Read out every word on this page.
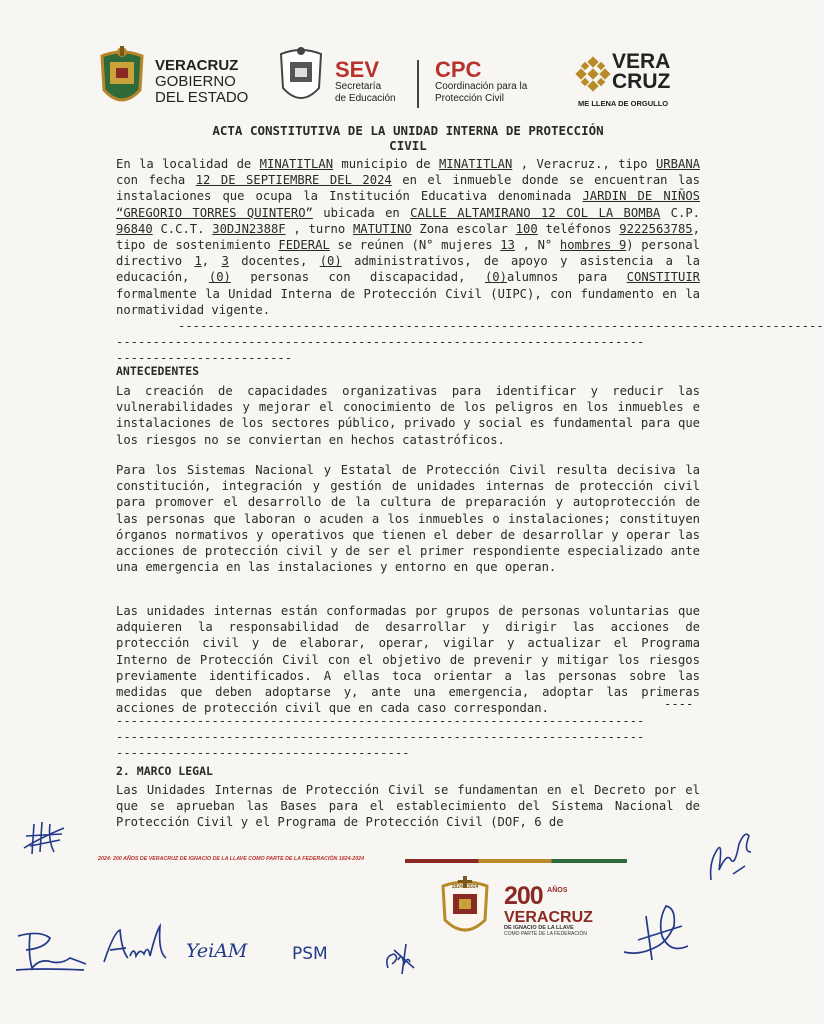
VERACRUZ
GOBIERNO
DEL ESTADO
SEV
Secretaría
de Educación
CPC
Coordinación para la
Protección Civil
VERA
CRUZ
ME LLENA DE ORGULLO
ACTA CONSTITUTIVA DE LA UNIDAD INTERNA DE PROTECCIÓN
CIVIL

En la localidad de MINATITLAN municipio de MINATITLAN , Veracruz., tipo URBANA con fecha 12 DE SEPTIEMBRE DEL 2024 en el inmueble donde se encuentran las instalaciones que ocupa la Institución Educativa denominada JARDIN DE NIÑOS “GREGORIO TORRES QUINTERO” ubicada en CALLE ALTAMIRANO 12 COL LA BOMBA C.P. 96840 C.C.T. 30DJN2388F , turno MATUTINO Zona escolar 100 teléfonos 9222563785, tipo de sostenimiento FEDERAL se reúnen (N° mujeres 13 , N° hombres 9) personal directivo 1, 3 docentes, (0) administrativos, de apoyo y asistencia a la educación, (0) personas con discapacidad, (0)alumnos para CONSTITUIR formalmente la Unidad Interna de Protección Civil (UIPC), con fundamento en la normatividad vigente.

----------------------------------------------------------------------------------------
------------------------------------------------------------------------
------------------------
ANTECEDENTES

La creación de capacidades organizativas para identificar y reducir las vulnerabilidades y mejorar el conocimiento de los peligros en los inmuebles e instalaciones de los sectores público, privado y social es fundamental para que los riesgos no se conviertan en hechos catastróficos.

Para los Sistemas Nacional y Estatal de Protección Civil resulta decisiva la constitución, integración y gestión de unidades internas de protección civil para promover el desarrollo de la cultura de preparación y autoprotección de las personas que laboran o acuden a los inmuebles o instalaciones; constituyen órganos normativos y operativos que tienen el deber de desarrollar y operar las acciones de protección civil y de ser el primer respondiente especializado ante una emergencia en las instalaciones y entorno en que operan.

Las unidades internas están conformadas por grupos de personas voluntarias que adquieren la responsabilidad de desarrollar y dirigir las acciones de protección civil y de elaborar, operar, vigilar y actualizar el Programa Interno de Protección Civil con el objetivo de prevenir y mitigar los riesgos previamente identificados. A ellas toca orientar a las personas sobre las medidas que deben adoptarse y, ante una emergencia, adoptar las primeras acciones de protección civil que en cada caso correspondan.	----
------------------------------------------------------------------------
------------------------------------------------------------------------
----------------------------------------
2. MARCO LEGAL

Las Unidades Internas de Protección Civil se fundamentan en el Decreto por el que se aprueban las Bases para el establecimiento del Sistema Nacional de Protección Civil y el Programa de Protección Civil (DOF, 6 de

2024: 200 AÑOS DE VERACRUZ DE IGNACIO DE LA LLAVE COMO PARTE DE LA FEDERACIÓN 1824-2024
1824 · 2024	200 $^{AÑOS}$
VERACRUZ
DE IGNACIO DE LA LLAVE
COMO PARTE DE LA FEDERACIÓN
YeiAM	PSM
